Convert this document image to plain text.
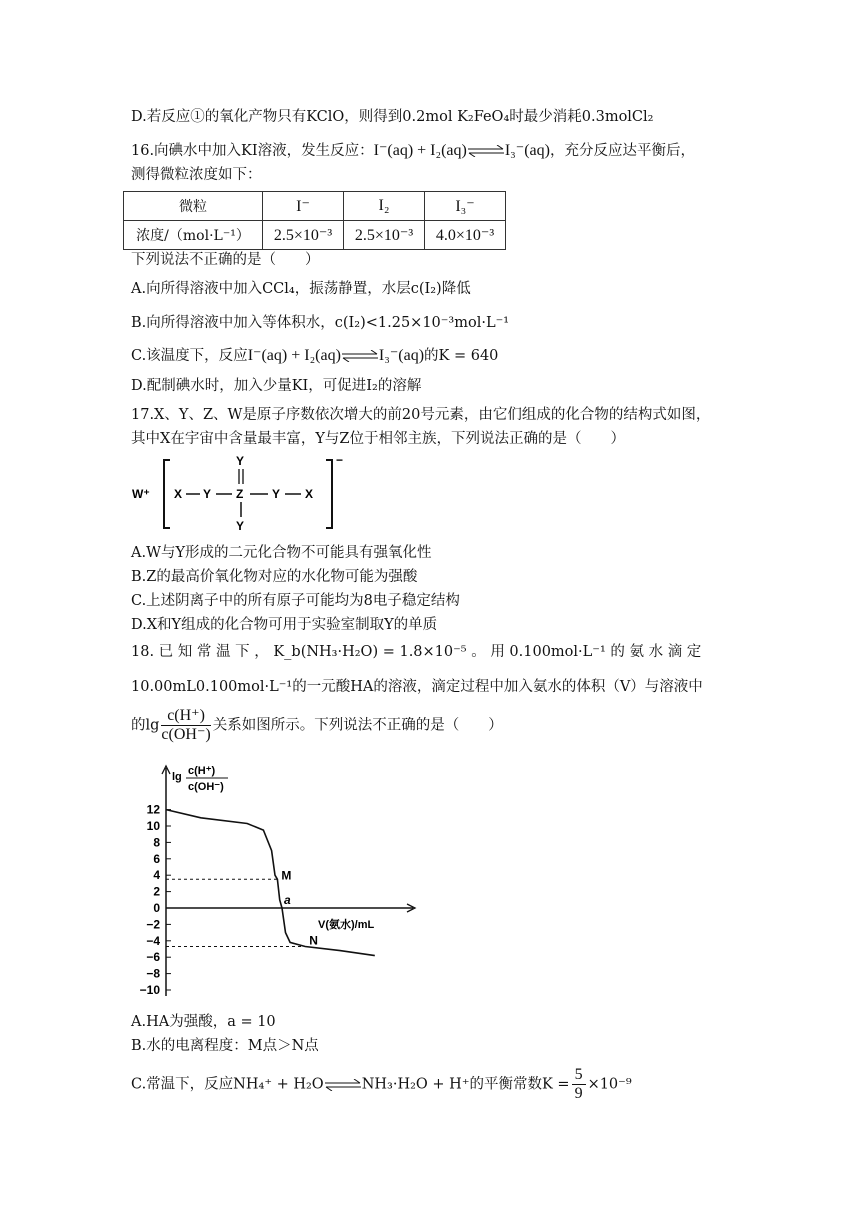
D.若反应①的氧化产物只有KClO，则得到0.2mol K₂FeO₄时最少消耗0.3molCl₂
16.向碘水中加入KI溶液，发生反应：I⁻(aq) + I₂(aq)⇌I₃⁻(aq)，充分反应达平衡后，
测得微粒浓度如下：
微粒	I⁻	I₂	I₃⁻
浓度/（mol·L⁻¹）	2.5×10⁻³	2.5×10⁻³	4.0×10⁻³
下列说法不正确的是（　　）
A.向所得溶液中加入CCl₄，振荡静置，水层c(I₂)降低
B.向所得溶液中加入等体积水，c(I₂)<1.25×10⁻³mol·L⁻¹
C.该温度下，反应I⁻(aq) + I₂(aq)⇌I₃⁻(aq)的K = 640
D.配制碘水时，加入少量KI，可促进I₂的溶解
17.X、Y、Z、W是原子序数依次增大的前20号元素，由它们组成的化合物的结构式如图，
其中X在宇宙中含量最丰富，Y与Z位于相邻主族，下列说法正确的是（　　）
W⁺
−
X Y Z
Y
Y
Y X
A.W与Y形成的二元化合物不可能具有强氧化性
B.Z的最高价氧化物对应的水化物可能为强酸
C.上述阴离子中的所有原子可能均为8电子稳定结构
D.X和Y组成的化合物可用于实验室制取Y的单质
18. 已 知 常 温 下 ， K_b(NH₃·H₂O) = 1.8×10⁻⁵ 。 用 0.100mol·L⁻¹ 的 氨 水 滴 定
10.00mL0.100mol·L⁻¹的一元酸HA的溶液，滴定过程中加入氨水的体积（V）与溶液中
的$\lg \frac{c(H^+)}{c(OH^-)}$ 关系如图所示。下列说法不正确的是（　　）
lg c(H⁺)
c(OH⁻)
12
10
8
6
4
2
0
−2
−4
−6
−8
−10
M
a
N
V(氨水)/mL
A.HA为强酸，a = 10
B.水的电离程度：M点＞N点
C.常温下，反应NH₄⁺ + H₂O⇌NH₃·H₂O + H⁺的平衡常数$K = \frac{5}{9} \times 10^{-9}$
